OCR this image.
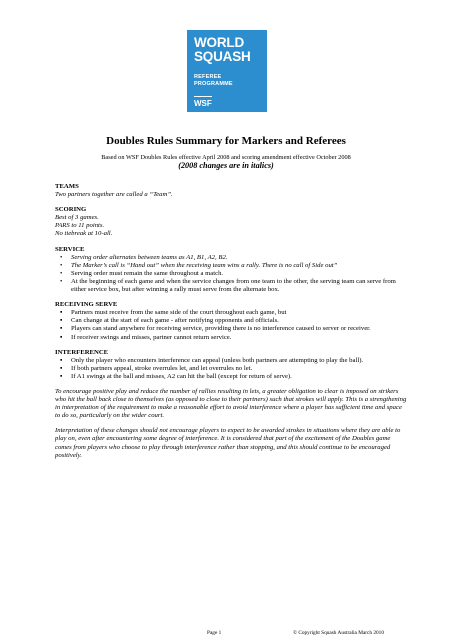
WORLD
SQUASH
REFEREE
PROGRAMME
WSF
Doubles Rules Summary for Markers and Referees
Based on WSF Doubles Rules effective April 2008 and scoring amendment effective October 2008
(2008 changes are in italics)
TEAMS
Two partners together are called a “Team”.
SCORING
Best of 3 games.
PARS to 11 points.
No tiebreak at 10-all.
SERVICE
• Serving order alternates between teams as A1, B1, A2, B2.
• The Marker’s call is “Hand out” when the receiving team wins a rally. There is no call of Side out”
• Serving order must remain the same throughout a match.
• At the beginning of each game and when the service changes from one team to the other, the serving team can serve from either service box, but after winning a rally must serve from the alternate box.
RECEIVING SERVE
▪ Partners must receive from the same side of the court throughout each game, but
▪ Can change at the start of each game - after notifying opponents and officials.
▪ Players can stand anywhere for receiving service, providing there is no interference caused to server or receiver.
▪ If receiver swings and misses, partner cannot return service.
INTERFERENCE
▪ Only the player who encounters interference can appeal (unless both partners are attempting to play the ball).
▪ If both partners appeal, stroke overrules let, and let overrules no let.
▪ If A1 swings at the ball and misses, A2 can hit the ball (except for return of serve).
To encourage positive play and reduce the number of rallies resulting in lets, a greater obligation to clear is imposed on strikers who hit the ball back close to themselves (as opposed to close to their partners) such that strokes will apply. This is a strengthening in interpretation of the requirement to make a reasonable effort to avoid interference where a player has sufficient time and space to do so, particularly on the wider court.
Interpretation of these changes should not encourage players to expect to be awarded strokes in situations where they are able to play on, even after encountering some degree of interference. It is considered that part of the excitement of the Doubles game comes from players who choose to play through interference rather than stopping, and this should continue to be encouraged positively.
Page 1	© Copyright Squash Australia March 2010
